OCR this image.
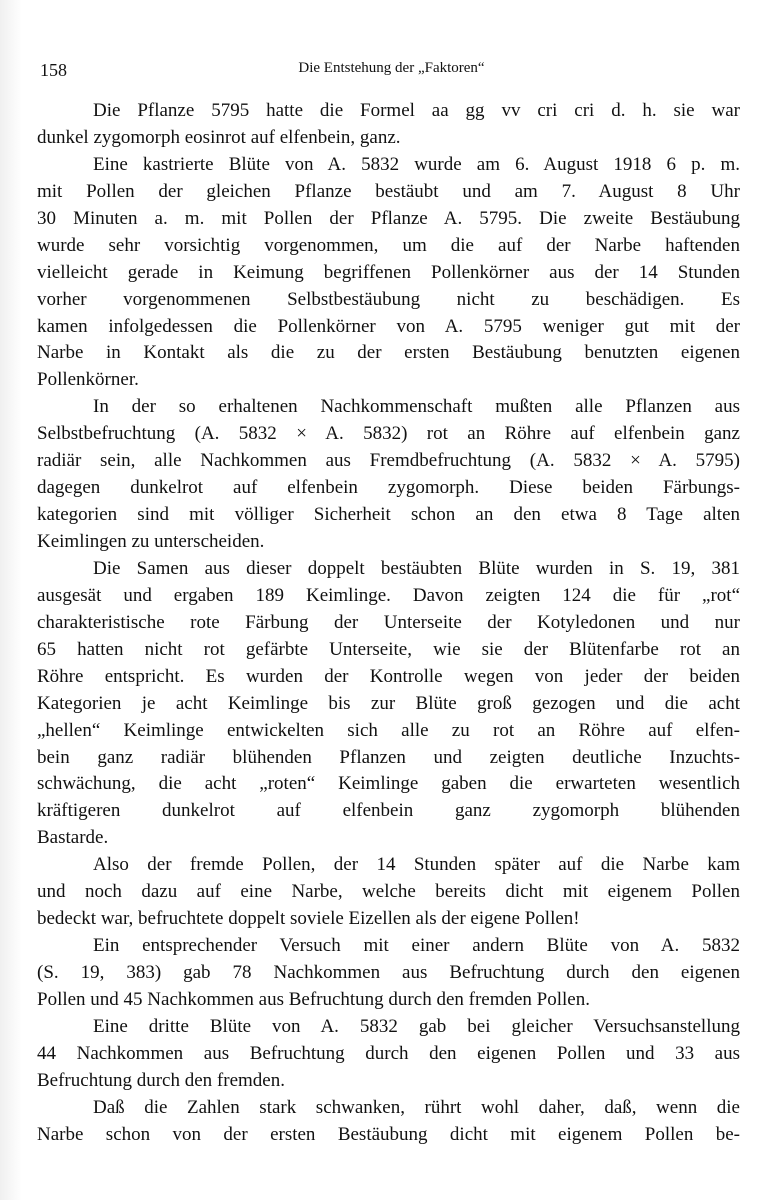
158	Die Entstehung der „Faktoren“
Die Pflanze 5795 hatte die Formel aa gg vv cri cri d. h. sie war
dunkel zygomorph eosinrot auf elfenbein, ganz.
Eine kastrierte Blüte von A. 5832 wurde am 6. August 1918 6 p. m.
mit Pollen der gleichen Pflanze bestäubt und am 7. August 8 Uhr
30 Minuten a. m. mit Pollen der Pflanze A. 5795. Die zweite Bestäubung
wurde sehr vorsichtig vorgenommen, um die auf der Narbe haftenden
vielleicht gerade in Keimung begriffenen Pollenkörner aus der 14 Stunden
vorher vorgenommenen Selbstbestäubung nicht zu beschädigen. Es
kamen infolgedessen die Pollenkörner von A. 5795 weniger gut mit der
Narbe in Kontakt als die zu der ersten Bestäubung benutzten eigenen
Pollenkörner.
In der so erhaltenen Nachkommenschaft mußten alle Pflanzen aus
Selbstbefruchtung (A. 5832 × A. 5832) rot an Röhre auf elfenbein ganz
radiär sein, alle Nachkommen aus Fremdbefruchtung (A. 5832 × A. 5795)
dagegen dunkelrot auf elfenbein zygomorph. Diese beiden Färbungs-
kategorien sind mit völliger Sicherheit schon an den etwa 8 Tage alten
Keimlingen zu unterscheiden.
Die Samen aus dieser doppelt bestäubten Blüte wurden in S. 19, 381
ausgesät und ergaben 189 Keimlinge. Davon zeigten 124 die für „rot“
charakteristische rote Färbung der Unterseite der Kotyledonen und nur
65 hatten nicht rot gefärbte Unterseite, wie sie der Blütenfarbe rot an
Röhre entspricht. Es wurden der Kontrolle wegen von jeder der beiden
Kategorien je acht Keimlinge bis zur Blüte groß gezogen und die acht
„hellen“ Keimlinge entwickelten sich alle zu rot an Röhre auf elfen-
bein ganz radiär blühenden Pflanzen und zeigten deutliche Inzuchts-
schwächung, die acht „roten“ Keimlinge gaben die erwarteten wesentlich
kräftigeren dunkelrot auf elfenbein ganz zygomorph blühenden
Bastarde.
Also der fremde Pollen, der 14 Stunden später auf die Narbe kam
und noch dazu auf eine Narbe, welche bereits dicht mit eigenem Pollen
bedeckt war, befruchtete doppelt soviele Eizellen als der eigene Pollen!
Ein entsprechender Versuch mit einer andern Blüte von A. 5832
(S. 19, 383) gab 78 Nachkommen aus Befruchtung durch den eigenen
Pollen und 45 Nachkommen aus Befruchtung durch den fremden Pollen.
Eine dritte Blüte von A. 5832 gab bei gleicher Versuchsanstellung
44 Nachkommen aus Befruchtung durch den eigenen Pollen und 33 aus
Befruchtung durch den fremden.
Daß die Zahlen stark schwanken, rührt wohl daher, daß, wenn die
Narbe schon von der ersten Bestäubung dicht mit eigenem Pollen be-
